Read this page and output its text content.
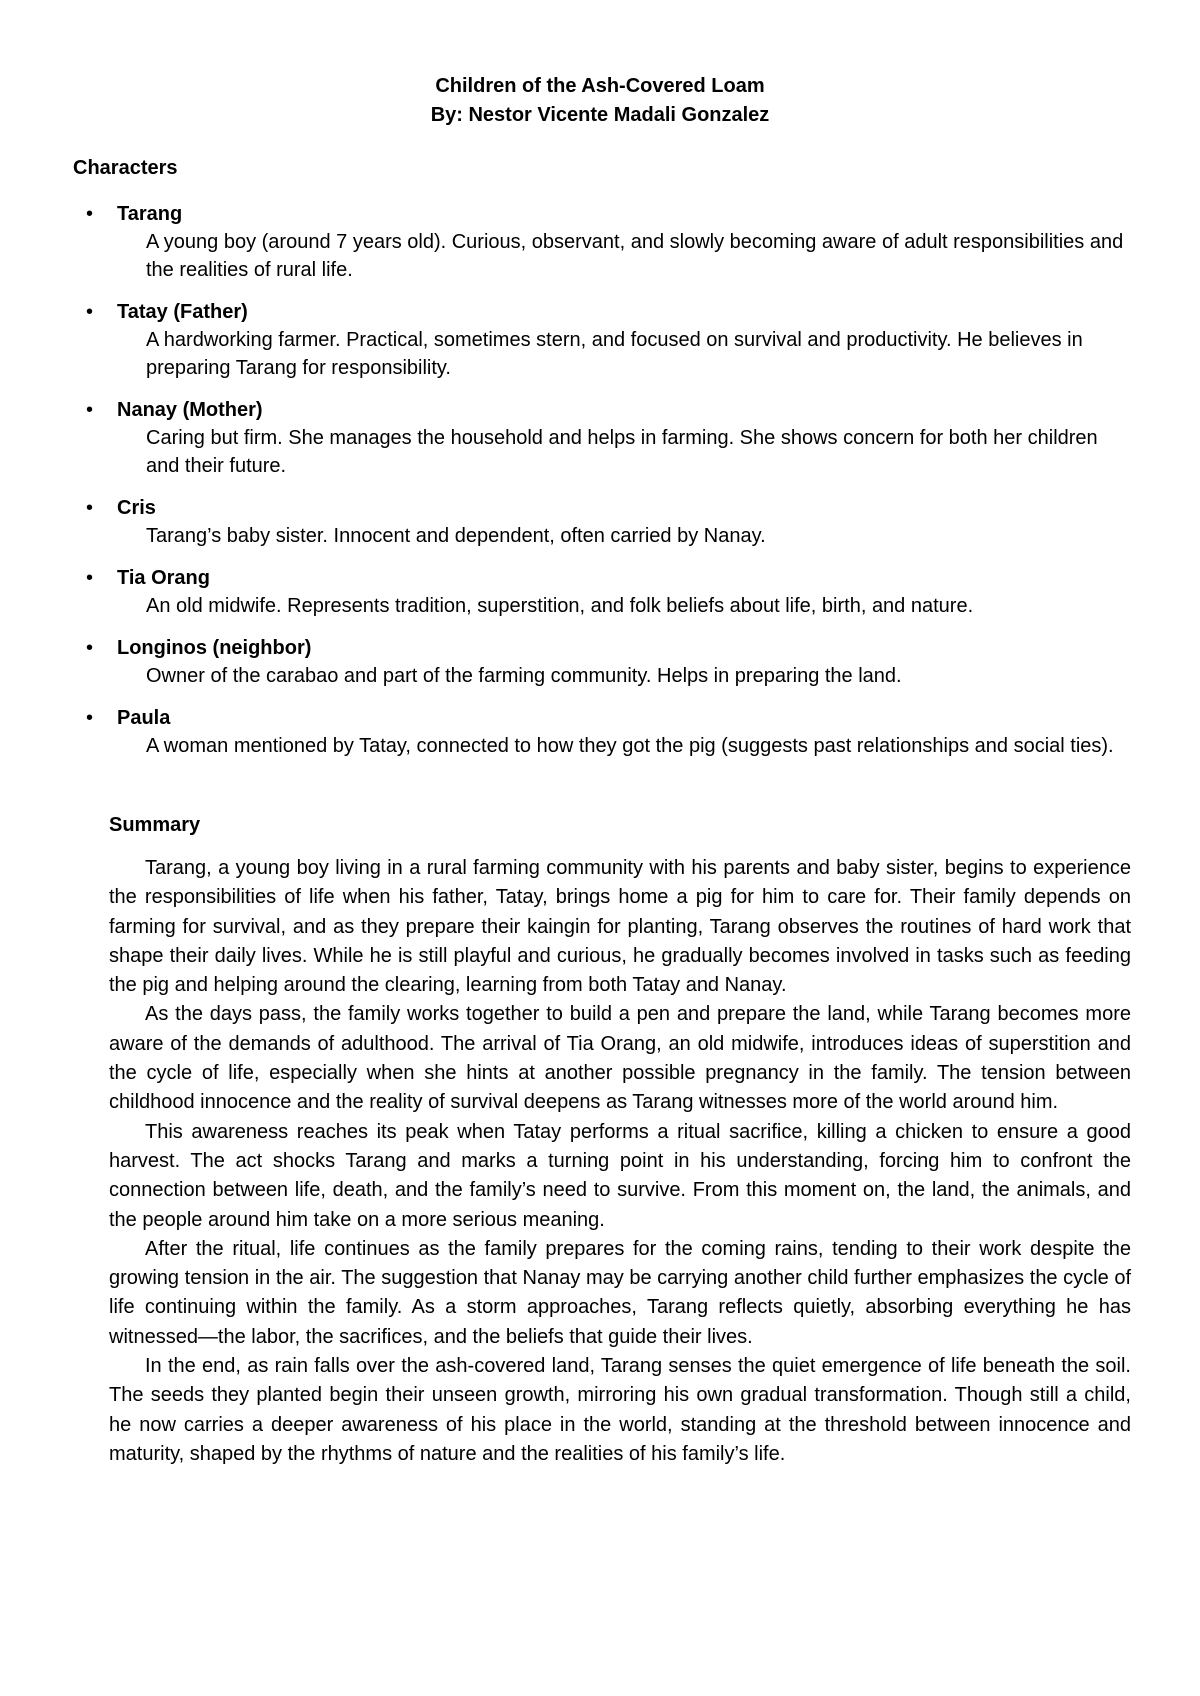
Children of the Ash-Covered Loam
By: Nestor Vicente Madali Gonzalez
Characters
• Tarang
A young boy (around 7 years old). Curious, observant, and slowly becoming aware of adult responsibilities and the realities of rural life.
• Tatay (Father)
A hardworking farmer. Practical, sometimes stern, and focused on survival and productivity. He believes in preparing Tarang for responsibility.
• Nanay (Mother)
Caring but firm. She manages the household and helps in farming. She shows concern for both her children and their future.
• Cris
Tarang’s baby sister. Innocent and dependent, often carried by Nanay.
• Tia Orang
An old midwife. Represents tradition, superstition, and folk beliefs about life, birth, and nature.
• Longinos (neighbor)
Owner of the carabao and part of the farming community. Helps in preparing the land.
• Paula
A woman mentioned by Tatay, connected to how they got the pig (suggests past relationships and social ties).
Summary

Tarang, a young boy living in a rural farming community with his parents and baby sister, begins to experience the responsibilities of life when his father, Tatay, brings home a pig for him to care for. Their family depends on farming for survival, and as they prepare their kaingin for planting, Tarang observes the routines of hard work that shape their daily lives. While he is still playful and curious, he gradually becomes involved in tasks such as feeding the pig and helping around the clearing, learning from both Tatay and Nanay.

As the days pass, the family works together to build a pen and prepare the land, while Tarang becomes more aware of the demands of adulthood. The arrival of Tia Orang, an old midwife, introduces ideas of superstition and the cycle of life, especially when she hints at another possible pregnancy in the family. The tension between childhood innocence and the reality of survival deepens as Tarang witnesses more of the world around him.

This awareness reaches its peak when Tatay performs a ritual sacrifice, killing a chicken to ensure a good harvest. The act shocks Tarang and marks a turning point in his understanding, forcing him to confront the connection between life, death, and the family’s need to survive. From this moment on, the land, the animals, and the people around him take on a more serious meaning.

After the ritual, life continues as the family prepares for the coming rains, tending to their work despite the growing tension in the air. The suggestion that Nanay may be carrying another child further emphasizes the cycle of life continuing within the family. As a storm approaches, Tarang reflects quietly, absorbing everything he has witnessed—the labor, the sacrifices, and the beliefs that guide their lives.

In the end, as rain falls over the ash-covered land, Tarang senses the quiet emergence of life beneath the soil. The seeds they planted begin their unseen growth, mirroring his own gradual transformation. Though still a child, he now carries a deeper awareness of his place in the world, standing at the threshold between innocence and maturity, shaped by the rhythms of nature and the realities of his family’s life.
